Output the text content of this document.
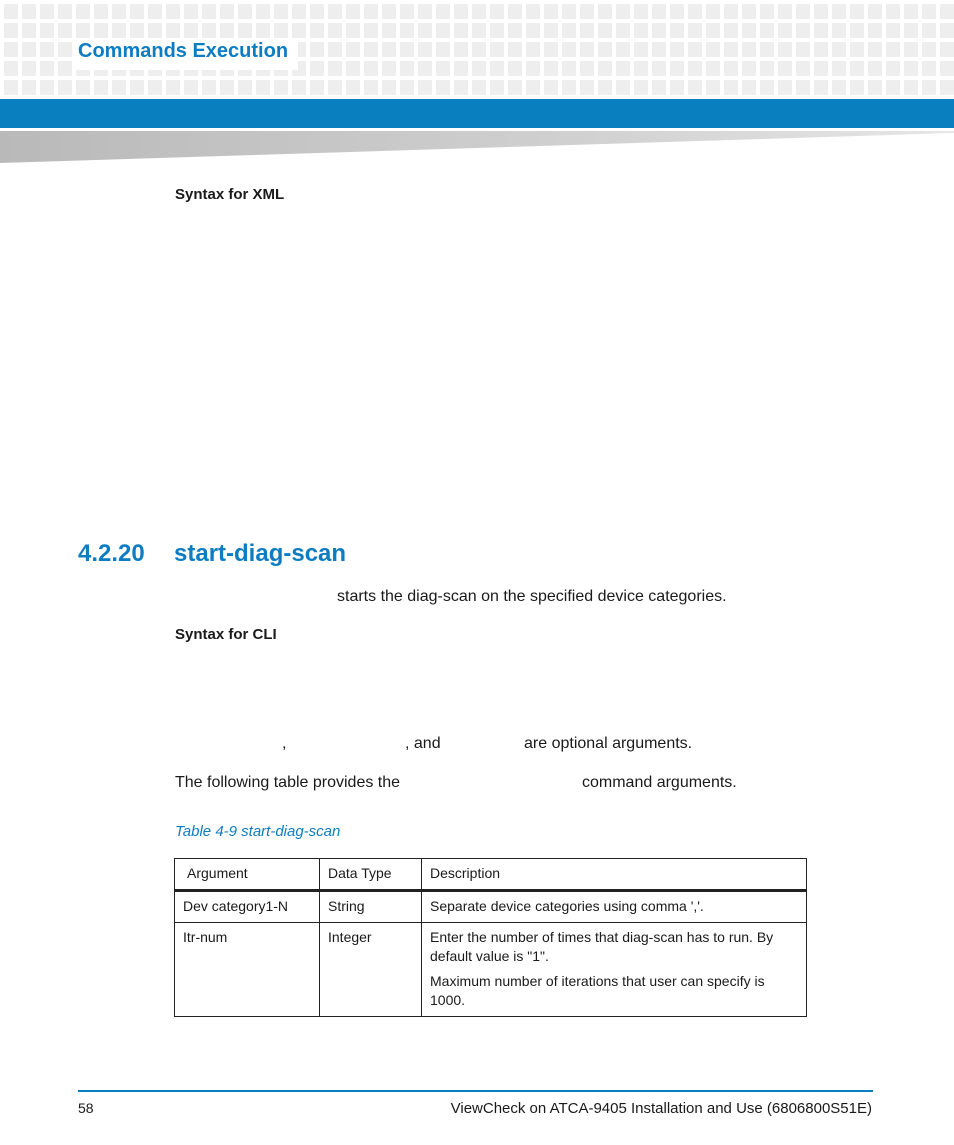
Commands Execution
Syntax for XML
4.2.20 start-diag-scan
starts the diag-scan on the specified device categories.
Syntax for CLI
,	, and	are optional arguments.
The following table provides the	command arguments.
Table 4-9 start-diag-scan
Argument	Data Type	Description
Dev category1-N	String	Separate device categories using comma ','.

Itr-num	Integer	Enter the number of times that diag-scan has to run. By default value is "1".
Maximum number of iterations that user can specify is 1000.
58	ViewCheck on ATCA-9405 Installation and Use (6806800S51E)
